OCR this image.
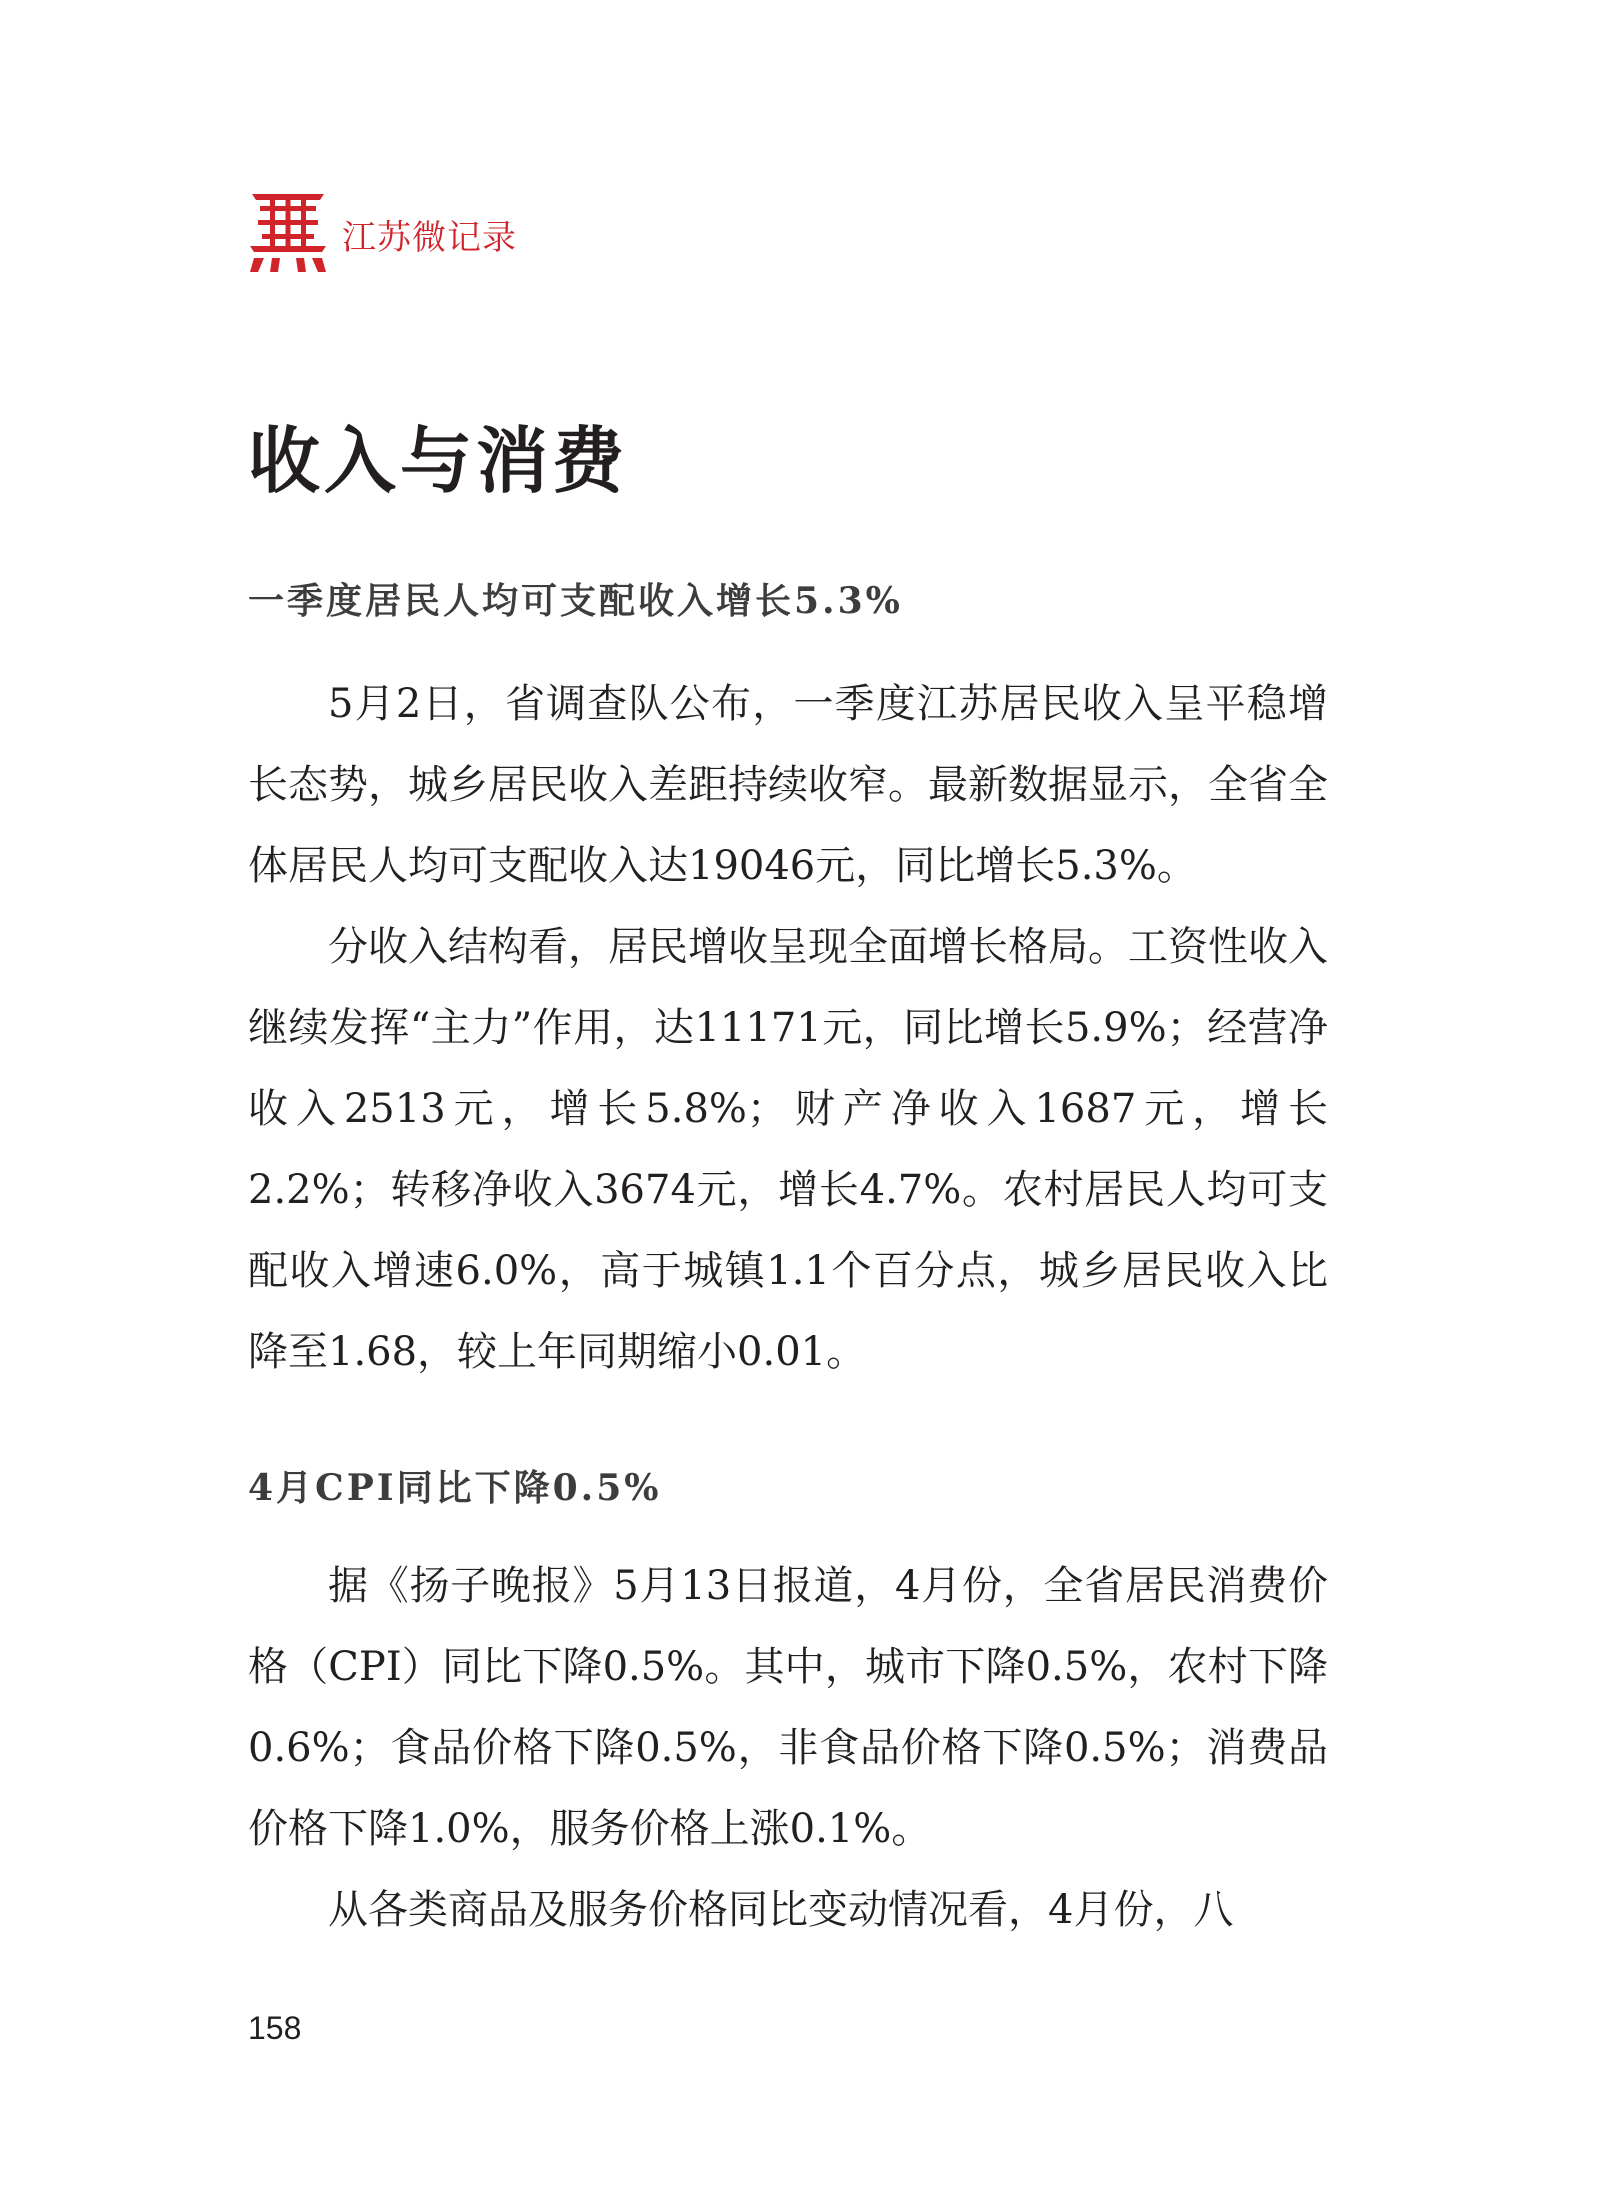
江苏微记录
收入与消费
一季度居民人均可支配收入增长5.3%

5月2日，省调查队公布，一季度江苏居民收入呈平稳增长态势，城乡居民收入差距持续收窄。最新数据显示，全省全体居民人均可支配收入达19046元，同比增长5.3%。

分收入结构看，居民增收呈现全面增长格局。工资性收入继续发挥“主力”作用，达11171元，同比增长5.9%；经营净收入2513元，增长5.8%；财产净收入1687元，增长2.2%；转移净收入3674元，增长4.7%。农村居民人均可支配收入增速6.0%，高于城镇1.1个百分点，城乡居民收入比降至1.68，较上年同期缩小0.01。

4月CPI同比下降0.5%

据《扬子晚报》5月13日报道，4月份，全省居民消费价格（CPI）同比下降0.5%。其中，城市下降0.5%，农村下降0.6%；食品价格下降0.5%，非食品价格下降0.5%；消费品价格下降1.0%，服务价格上涨0.1%。

从各类商品及服务价格同比变动情况看，4月份，八

158
